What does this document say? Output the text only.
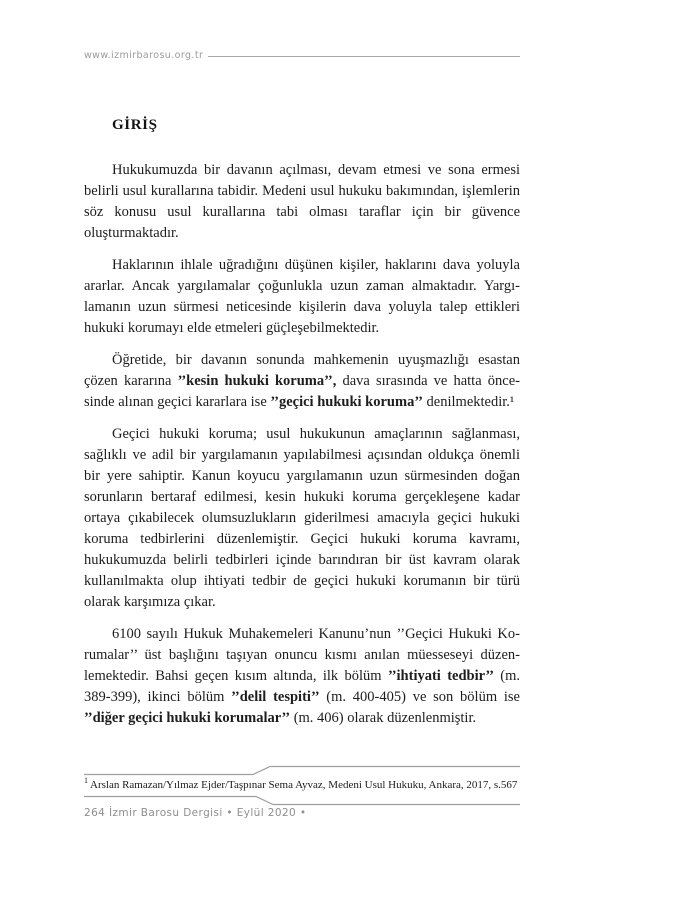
www.izmirbarosu.org.tr
GİRİŞ

Hukukumuzda bir davanın açılması, devam etmesi ve sona ermesi belirli usul kurallarına tabidir. Medeni usul hukuku bakımından, işlemlerin söz konusu usul kurallarına tabi olması taraflar için bir güvence oluşturmaktadır.

Haklarının ihlale uğradığını düşünen kişiler, haklarını dava yoluyla ararlar. Ancak yargılamalar çoğunlukla uzun zaman almaktadır. Yargılamanın uzun sürmesi neticesinde kişilerin dava yoluyla talep ettikleri hukuki korumayı elde etmeleri güçleşebilmektedir.

Öğretide, bir davanın sonunda mahkemenin uyuşmazlığı esastan çözen kararına ’’kesin hukuki koruma’’, dava sırasında ve hatta öncesinde alınan geçici kararlara ise ’’geçici hukuki koruma’’ denilmektedir.¹

Geçici hukuki koruma; usul hukukunun amaçlarının sağlanması, sağlıklı ve adil bir yargılamanın yapılabilmesi açısından oldukça önemli bir yere sahiptir. Kanun koyucu yargılamanın uzun sürmesinden doğan sorunların bertaraf edilmesi, kesin hukuki koruma gerçekleşene kadar ortaya çıkabilecek olumsuzlukların giderilmesi amacıyla geçici hukuki koruma tedbirlerini düzenlemiştir. Geçici hukuki koruma kavramı, hukukumuzda belirli tedbirleri içinde barındıran bir üst kavram olarak kullanılmakta olup ihtiyati tedbir de geçici hukuki korumanın bir türü olarak karşımıza çıkar.

6100 sayılı Hukuk Muhakemeleri Kanunu’nun ’’Geçici Hukuki Korumalar’’ üst başlığını taşıyan onuncu kısmı anılan müesseseyi düzenlemektedir. Bahsi geçen kısım altında, ilk bölüm ’’ihtiyati tedbir’’ (m. 389-399), ikinci bölüm ’’delil tespiti’’ (m. 400-405) ve son bölüm ise ’’diğer geçici hukuki korumalar’’ (m. 406) olarak düzenlenmiştir.

$^1$ Arslan Ramazan/Yılmaz Ejder/Taşpınar Sema Ayvaz, Medeni Usul Hukuku, Ankara, 2017, s.567
264 İzmir Barosu Dergisi • Eylül 2020 •
